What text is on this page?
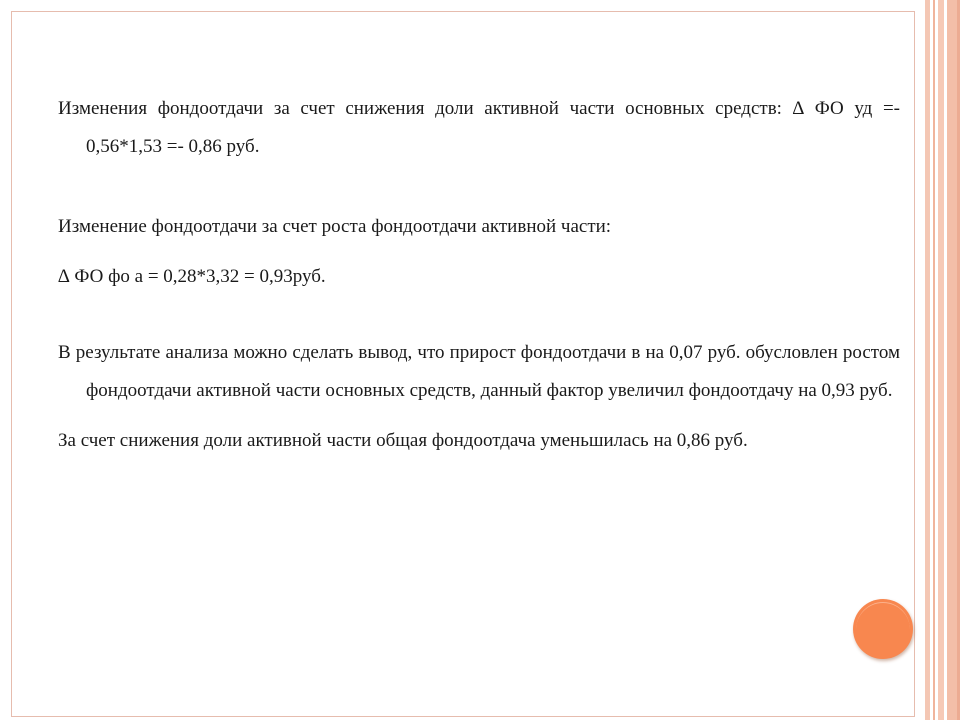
Изменения фондоотдачи за счет снижения доли активной части основных средств: ∆ ФО уд =- 0,56*1,53 =- 0,86 руб.

Изменение фондоотдачи за счет роста фондоотдачи активной части:

∆ ФО фо а = 0,28*3,32 = 0,93руб.

В результате анализа можно сделать вывод, что прирост фондоотдачи в на 0,07 руб. обусловлен ростом фондоотдачи активной части основных средств, данный фактор увеличил фондоотдачу на 0,93 руб.

За счет снижения доли активной части общая фондоотдача уменьшилась на 0,86 руб.
